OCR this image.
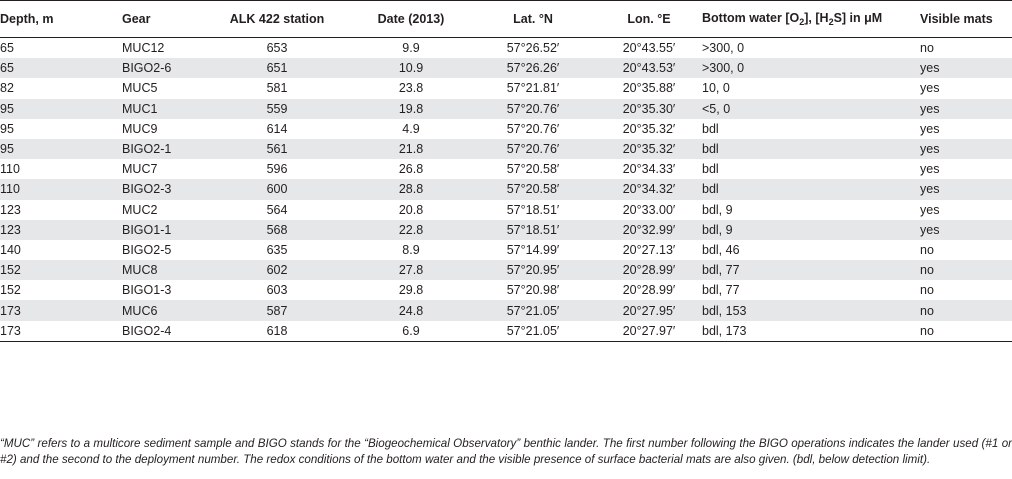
Depth, m	Gear	ALK 422 station	Date (2013)	Lat. °N	Lon. °E	Bottom water $[O_2]$, $[H_2S]$ in μM	Visible mats
65	MUC12	653	9.9	57°26.52′	20°43.55′	>300, 0	no
65	BIGO2-6	651	10.9	57°26.26′	20°43.53′	>300, 0	yes
82	MUC5	581	23.8	57°21.81′	20°35.88′	10, 0	yes
95	MUC1	559	19.8	57°20.76′	20°35.30′	<5, 0	yes
95	MUC9	614	4.9	57°20.76′	20°35.32′	bdl	yes
95	BIGO2-1	561	21.8	57°20.76′	20°35.32′	bdl	yes
110	MUC7	596	26.8	57°20.58′	20°34.33′	bdl	yes
110	BIGO2-3	600	28.8	57°20.58′	20°34.32′	bdl	yes
123	MUC2	564	20.8	57°18.51′	20°33.00′	bdl, 9	yes
123	BIGO1-1	568	22.8	57°18.51′	20°32.99′	bdl, 9	yes
140	BIGO2-5	635	8.9	57°14.99′	20°27.13′	bdl, 46	no
152	MUC8	602	27.8	57°20.95′	20°28.99′	bdl, 77	no
152	BIGO1-3	603	29.8	57°20.98′	20°28.99′	bdl, 77	no
173	MUC6	587	24.8	57°21.05′	20°27.95′	bdl, 153	no
173	BIGO2-4	618	6.9	57°21.05′	20°27.97′	bdl, 173	no

“MUC” refers to a multicore sediment sample and BIGO stands for the “Biogeochemical Observatory” benthic lander. The first number following the BIGO operations indicates the lander used (#1 or #2) and the second to the deployment number. The redox conditions of the bottom water and the visible presence of surface bacterial mats are also given. (bdl, below detection limit).
